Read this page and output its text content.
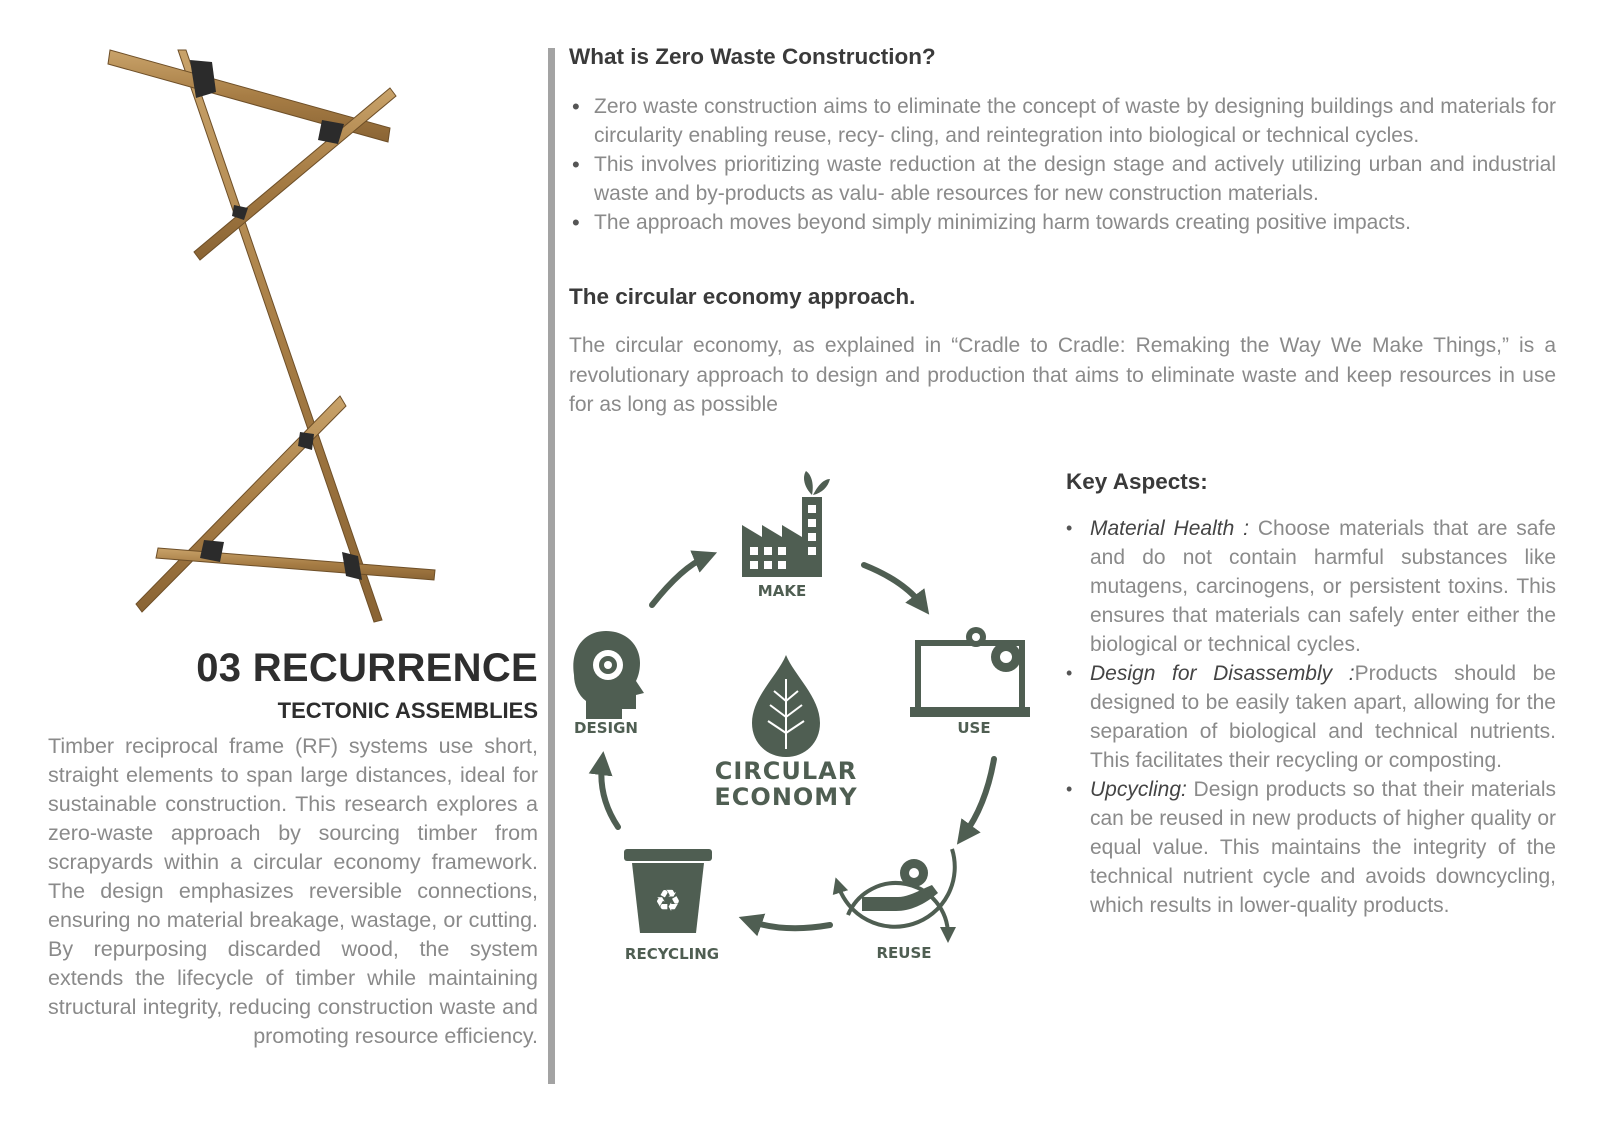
03 RECURRENCE
TECTONIC ASSEMBLIES

Timber reciprocal frame (RF) systems use short, straight elements to span large distances, ideal for sustainable construction. This research explores a zero-waste approach by sourcing timber from scrapyards within a circular economy framework. The design emphasizes reversible connections, ensuring no material breakage, wastage, or cutting. By repurposing discarded wood, the system extends the lifecycle of timber while maintaining structural integrity, reducing construction waste and promoting resource efficiency.

What is Zero Waste Construction?
• Zero waste construction aims to eliminate the concept of waste by designing buildings and materials for circularity enabling reuse, recy- cling, and reintegration into biological or technical cycles.
• This involves prioritizing waste reduction at the design stage and actively utilizing urban and industrial waste and by-products as valu- able resources for new construction materials.
• The approach moves beyond simply minimizing harm towards creating positive impacts.
The circular economy approach.

The circular economy, as explained in “Cradle to Cradle: Remaking the Way We Make Things,” is a revolutionary approach to design and production that aims to eliminate waste and keep resources in use for as long as possible

MAKE
USE
REUSE
♻
RECYCLING
DESIGN
CIRCULAR
ECONOMY
Key Aspects:
• Material Health : Choose materials that are safe and do not contain harmful substances like mutagens, carcinogens, or persistent toxins. This ensures that materials can safely enter either the biological or technical cycles.
• Design for Disassembly :Products should be designed to be easily taken apart, allowing for the separation of biological and technical nutrients. This facilitates their recycling or composting.
• Upcycling: Design products so that their materials can be reused in new products of higher quality or equal value. This maintains the integrity of the technical nutrient cycle and avoids downcycling, which results in lower-quality products.
